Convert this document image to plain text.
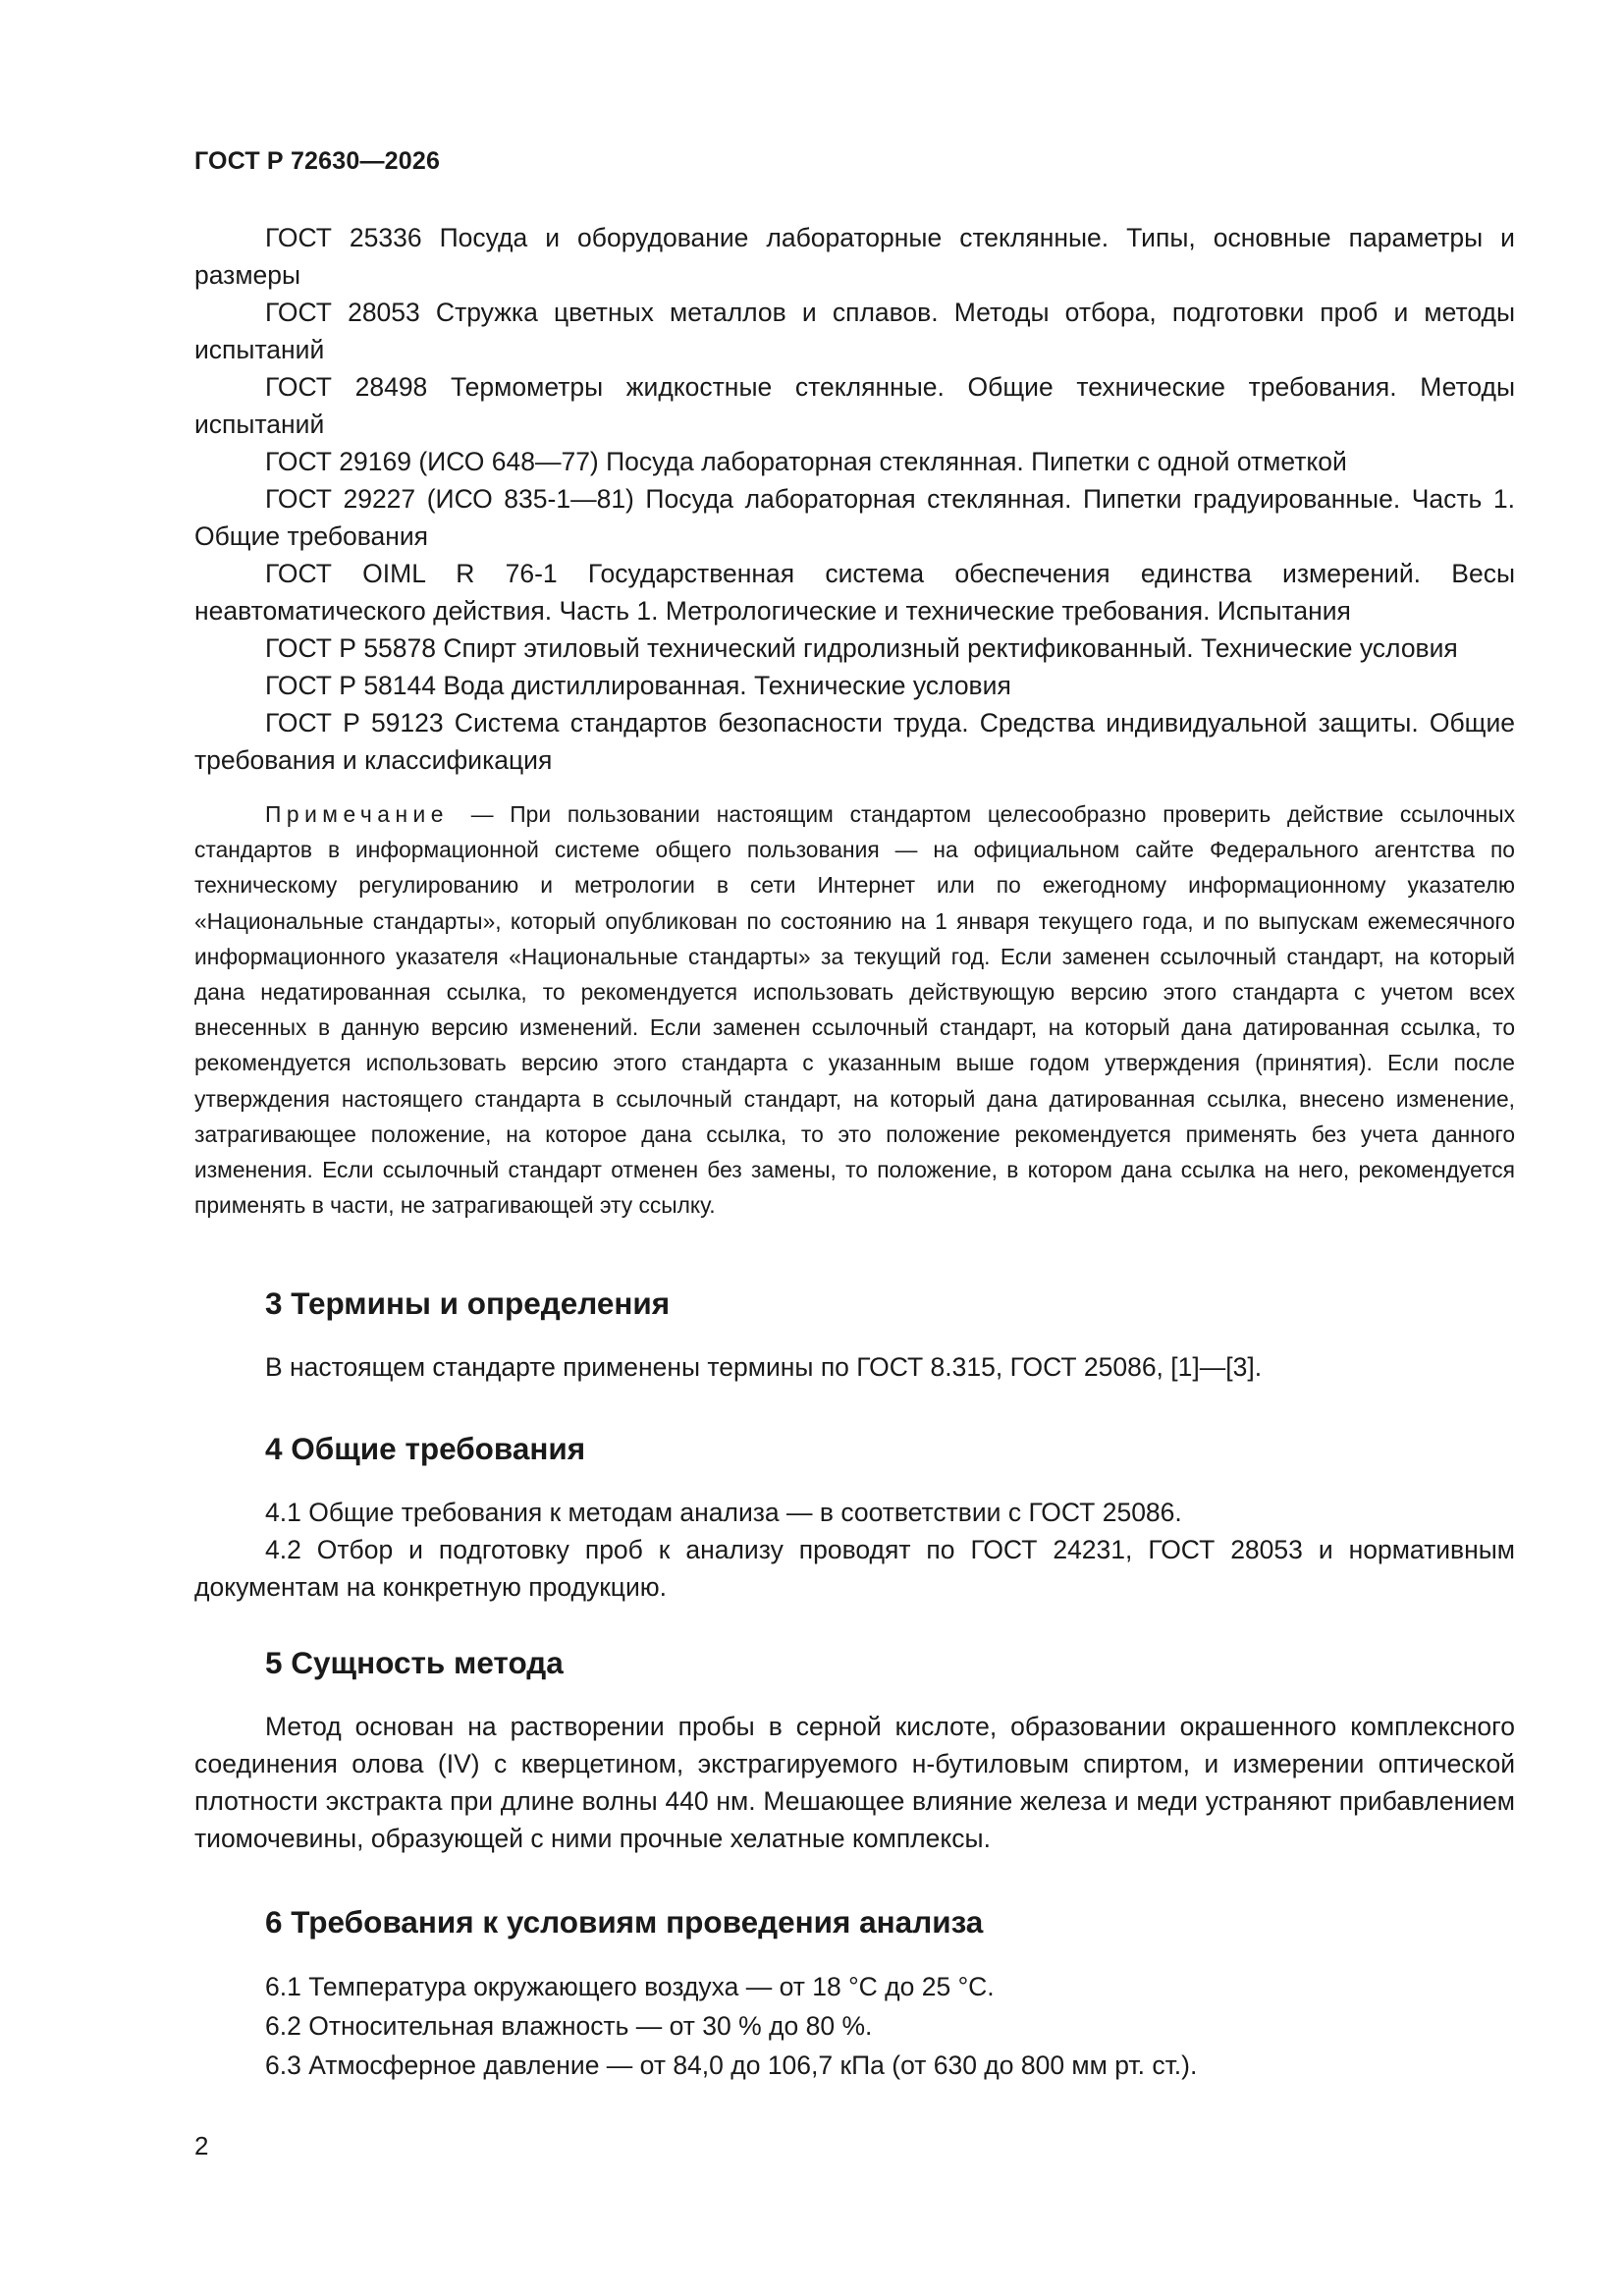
ГОСТ Р 72630—2026

ГОСТ 25336 Посуда и оборудование лабораторные стеклянные. Типы, основные параметры и размеры

ГОСТ 28053 Стружка цветных металлов и сплавов. Методы отбора, подготовки проб и методы испытаний

ГОСТ 28498 Термометры жидкостные стеклянные. Общие технические требования. Методы испытаний

ГОСТ 29169 (ИСО 648—77) Посуда лабораторная стеклянная. Пипетки с одной отметкой

ГОСТ 29227 (ИСО 835-1—81) Посуда лабораторная стеклянная. Пипетки градуированные. Часть 1. Общие требования

ГОСТ OIML R 76-1 Государственная система обеспечения единства измерений. Весы неавтоматического действия. Часть 1. Метрологические и технические требования. Испытания

ГОСТ Р 55878 Спирт этиловый технический гидролизный ректификованный. Технические условия

ГОСТ Р 58144 Вода дистиллированная. Технические условия

ГОСТ Р 59123 Система стандартов безопасности труда. Средства индивидуальной защиты. Общие требования и классификация

Примечание — При пользовании настоящим стандартом целесообразно проверить действие ссылочных стандартов в информационной системе общего пользования — на официальном сайте Федерального агентства по техническому регулированию и метрологии в сети Интернет или по ежегодному информационному указателю «Национальные стандарты», который опубликован по состоянию на 1 января текущего года, и по выпускам ежемесячного информационного указателя «Национальные стандарты» за текущий год. Если заменен ссылочный стандарт, на который дана недатированная ссылка, то рекомендуется использовать действующую версию этого стандарта с учетом всех внесенных в данную версию изменений. Если заменен ссылочный стандарт, на который дана датированная ссылка, то рекомендуется использовать версию этого стандарта с указанным выше годом утверждения (принятия). Если после утверждения настоящего стандарта в ссылочный стандарт, на который дана датированная ссылка, внесено изменение, затрагивающее положение, на которое дана ссылка, то это положение рекомендуется применять без учета данного изменения. Если ссылочный стандарт отменен без замены, то положение, в котором дана ссылка на него, рекомендуется применять в части, не затрагивающей эту ссылку.

3 Термины и определения

В настоящем стандарте применены термины по ГОСТ 8.315, ГОСТ 25086, [1]—[3].

4 Общие требования

4.1 Общие требования к методам анализа — в соответствии с ГОСТ 25086.

4.2 Отбор и подготовку проб к анализу проводят по ГОСТ 24231, ГОСТ 28053 и нормативным документам на конкретную продукцию.

5 Сущность метода

Метод основан на растворении пробы в серной кислоте, образовании окрашенного комплексного соединения олова (IV) с кверцетином, экстрагируемого н-бутиловым спиртом, и измерении оптической плотности экстракта при длине волны 440 нм. Мешающее влияние железа и меди устраняют прибавлением тиомочевины, образующей с ними прочные хелатные комплексы.

6 Требования к условиям проведения анализа

6.1 Температура окружающего воздуха — от 18 °С до 25 °С.

6.2 Относительная влажность — от 30 % до 80 %.

6.3 Атмосферное давление — от 84,0 до 106,7 кПа (от 630 до 800 мм рт. ст.).

2
